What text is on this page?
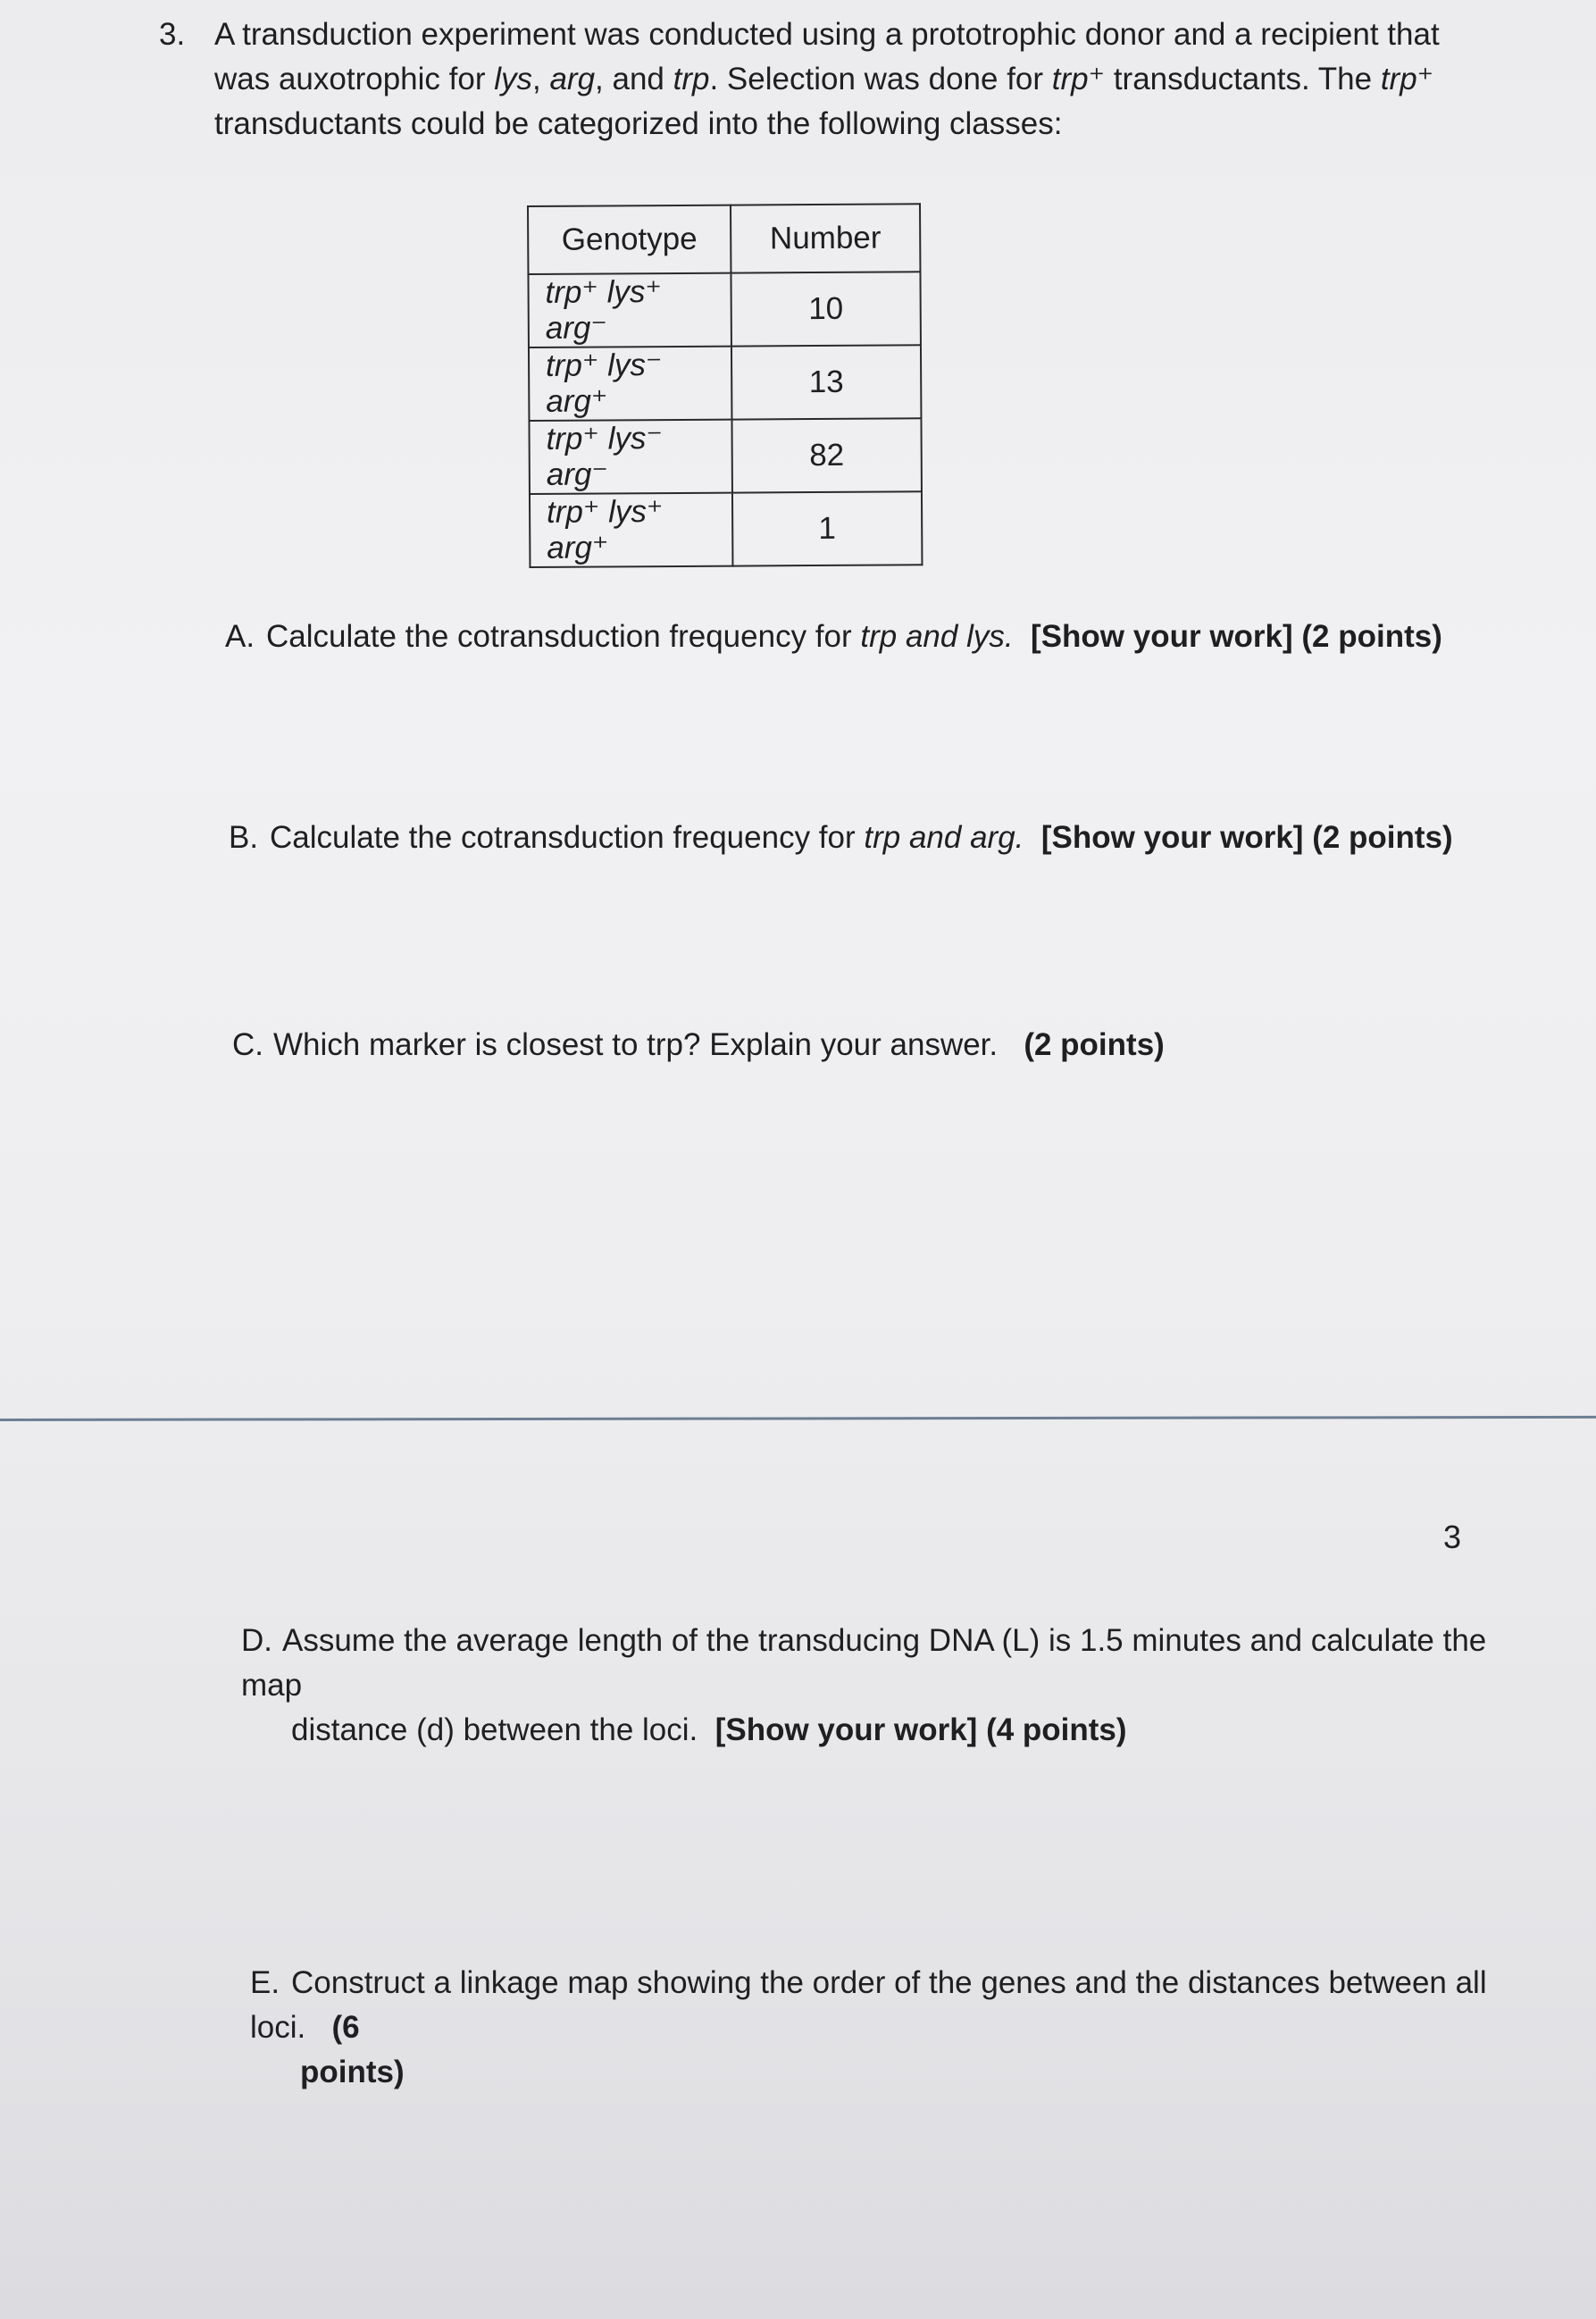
3. A transduction experiment was conducted using a prototrophic donor and a recipient that

was auxotrophic for lys, arg, and trp. Selection was done for trp⁺ transductants. The trp⁺

transductants could be categorized into the following classes:

Genotype	Number
trp⁺ lys⁺ arg⁻	10
trp⁺ lys⁻ arg⁺	13
trp⁺ lys⁻ arg⁻	82
trp⁺ lys⁺ arg⁺	1
A. Calculate the cotransduction frequency for trp and lys. [Show your work] (2 points)
B. Calculate the cotransduction frequency for trp and arg. [Show your work] (2 points)
C. Which marker is closest to trp? Explain your answer. (2 points)
3
D. Assume the average length of the transducing DNA (L) is 1.5 minutes and calculate the map
distance (d) between the loci. [Show your work] (4 points)
E. Construct a linkage map showing the order of the genes and the distances between all loci. (6
points)
